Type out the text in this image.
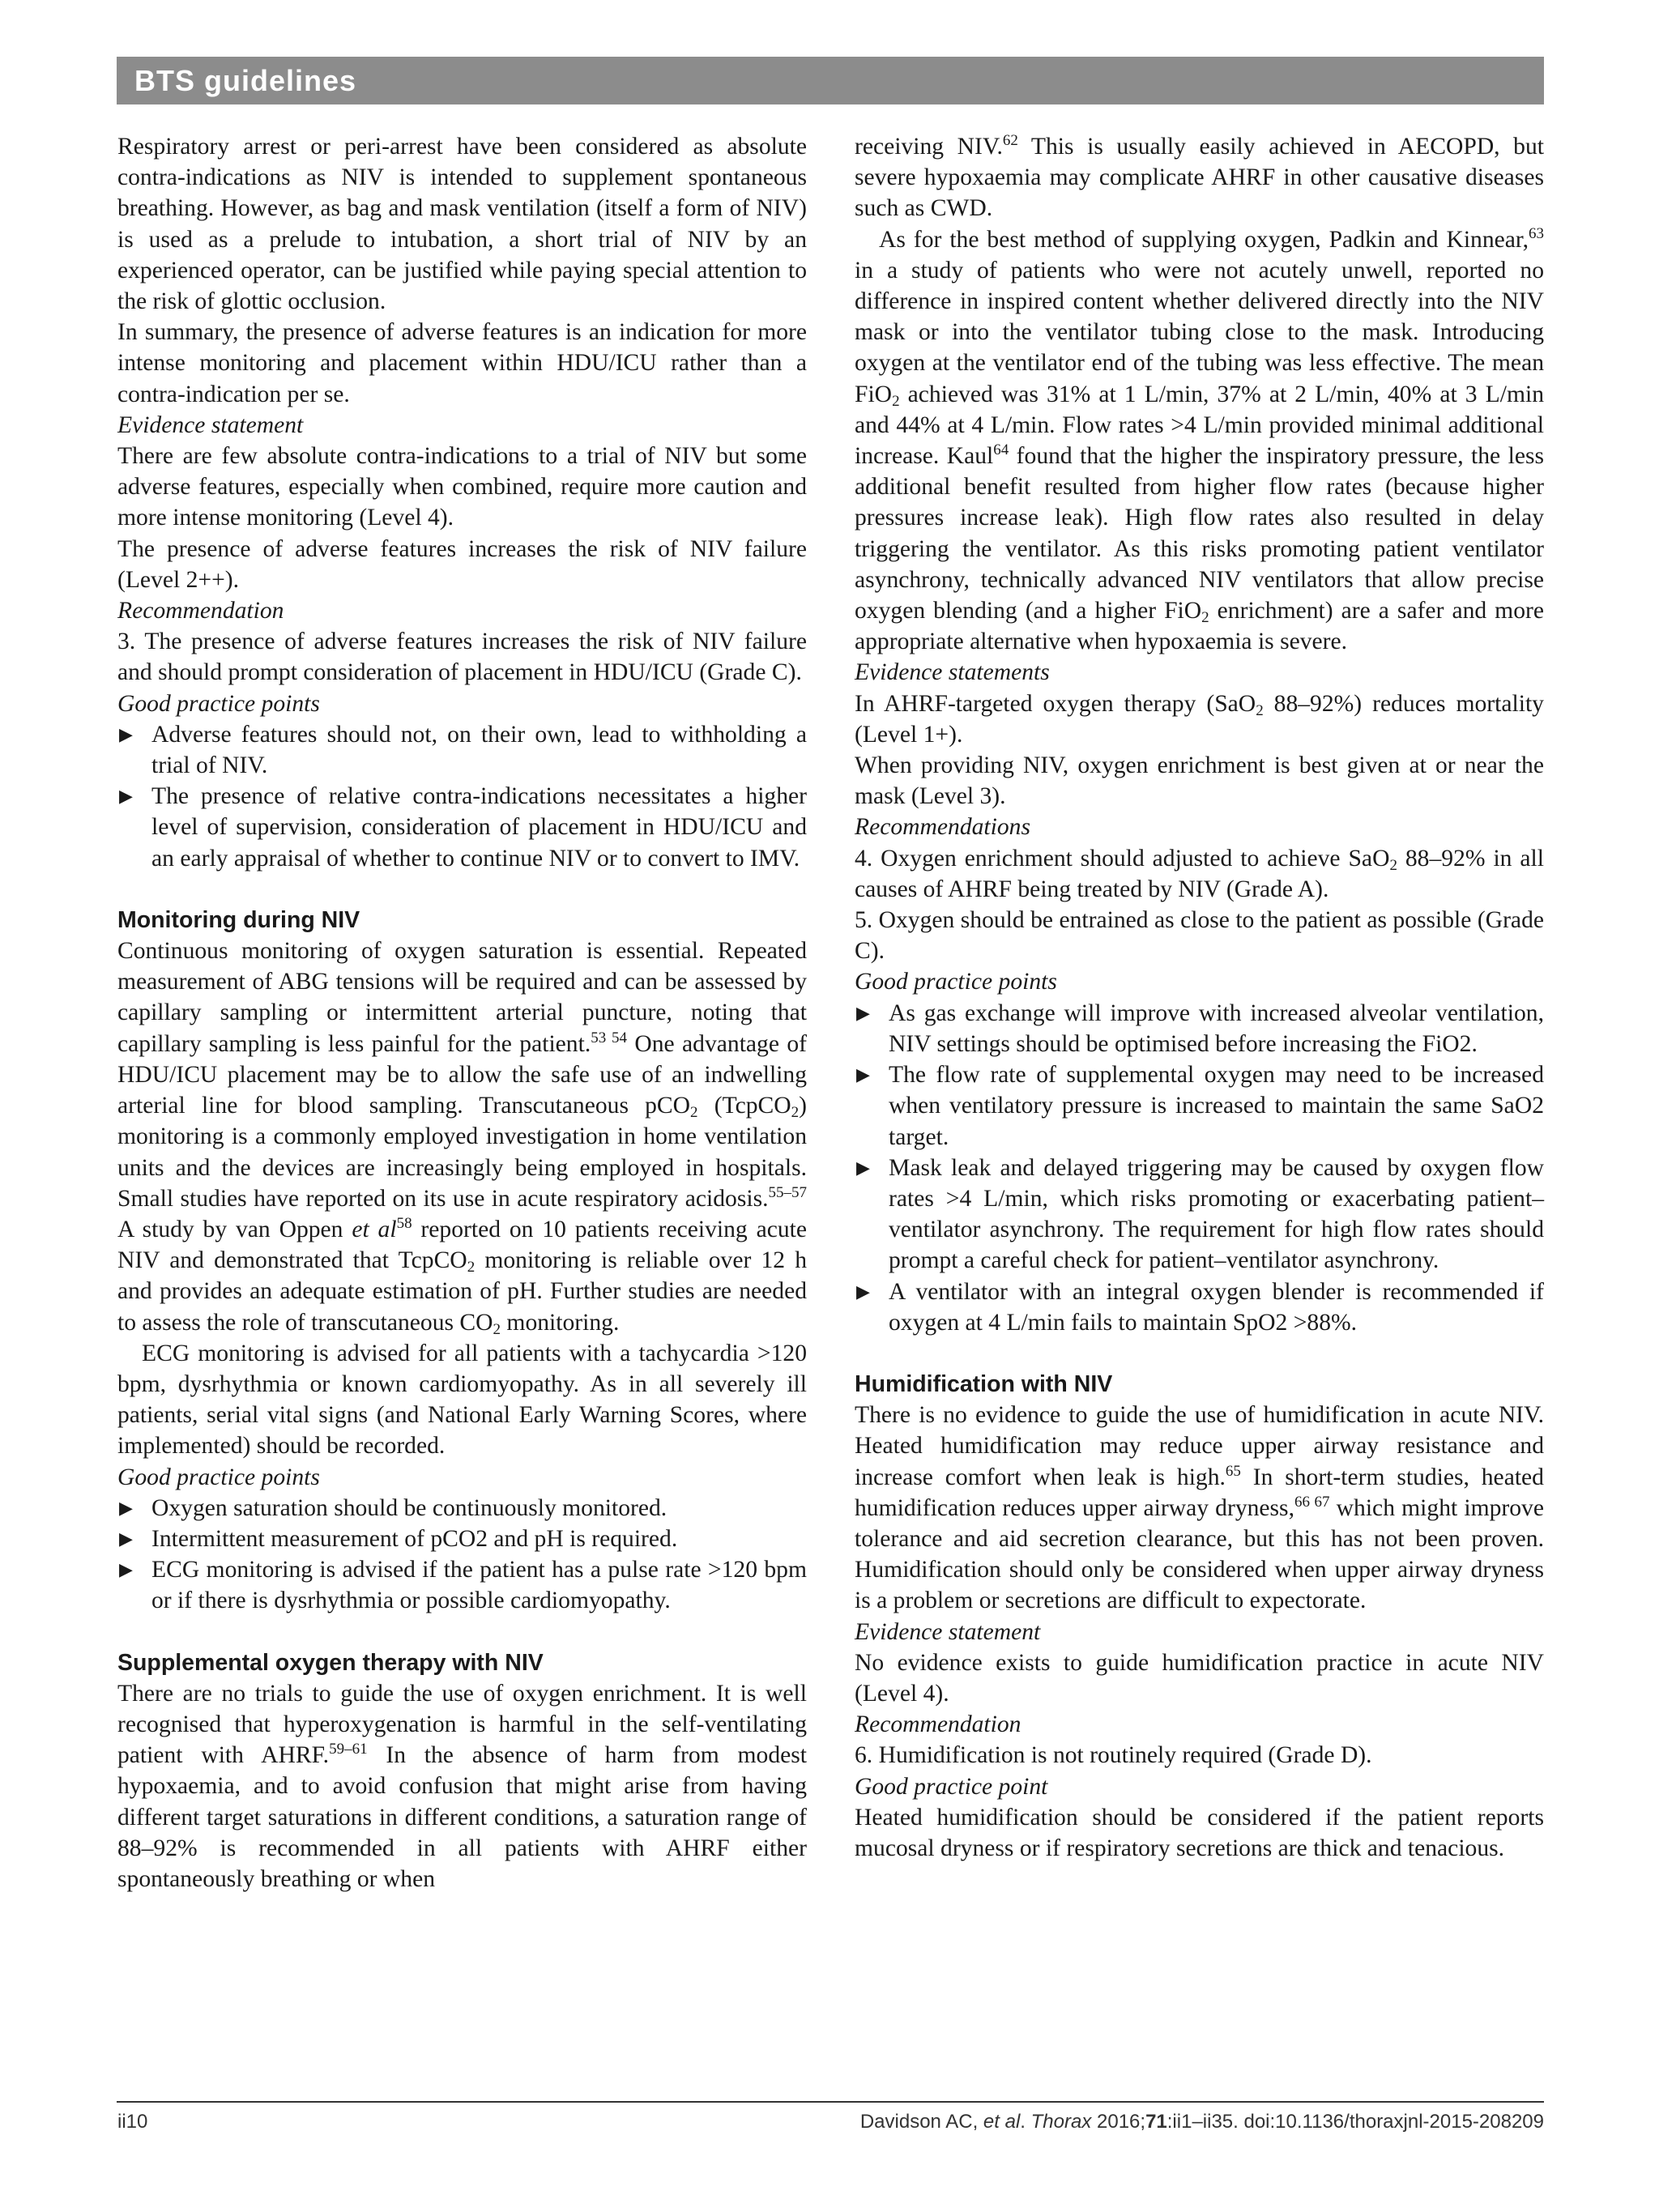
BTS guidelines

Respiratory arrest or peri-arrest have been considered as absolute contra-indications as NIV is intended to supplement spontaneous breathing. However, as bag and mask ventilation (itself a form of NIV) is used as a prelude to intubation, a short trial of NIV by an experienced operator, can be justified while paying special attention to the risk of glottic occlusion.

In summary, the presence of adverse features is an indication for more intense monitoring and placement within HDU/ICU rather than a contra-indication per se.

Evidence statement

There are few absolute contra-indications to a trial of NIV but some adverse features, especially when combined, require more caution and more intense monitoring (Level 4).

The presence of adverse features increases the risk of NIV failure (Level 2++).

Recommendation

3. The presence of adverse features increases the risk of NIV failure and should prompt consideration of placement in HDU/ICU (Grade C).

Good practice points

▶ Adverse features should not, on their own, lead to withholding a trial of NIV.
▶ The presence of relative contra-indications necessitates a higher level of supervision, consideration of placement in HDU/ICU and an early appraisal of whether to continue NIV or to convert to IMV.
Monitoring during NIV

Continuous monitoring of oxygen saturation is essential. Repeated measurement of ABG tensions will be required and can be assessed by capillary sampling or intermittent arterial puncture, noting that capillary sampling is less painful for the patient.$^{53 54}$ One advantage of HDU/ICU placement may be to allow the safe use of an indwelling arterial line for blood sampling. Transcutaneous pCO$_2$ (TcpCO$_2$) monitoring is a commonly employed investigation in home ventilation units and the devices are increasingly being employed in hospitals. Small studies have reported on its use in acute respiratory acidosis.$^{55-57}$ A study by van Oppen et $al^{58}$ reported on 10 patients receiving acute NIV and demonstrated that TcpCO$_2$ monitoring is reliable over 12 h and provides an adequate estimation of pH. Further studies are needed to assess the role of transcutaneous $CO_2$ monitoring.

ECG monitoring is advised for all patients with a tachycardia >120 bpm, dysrhythmia or known cardiomyopathy. As in all severely ill patients, serial vital signs (and National Early Warning Scores, where implemented) should be recorded.

Good practice points

▶ Oxygen saturation should be continuously monitored.
▶ Intermittent measurement of pCO2 and pH is required.
▶ ECG monitoring is advised if the patient has a pulse rate >120 bpm or if there is dysrhythmia or possible cardiomyopathy.
Supplemental oxygen therapy with NIV

There are no trials to guide the use of oxygen enrichment. It is well recognised that hyperoxygenation is harmful in the self-ventilating patient with AHRF.$^{59-61}$ In the absence of harm from modest hypoxaemia, and to avoid confusion that might arise from having different target saturations in different conditions, a saturation range of 88–92% is recommended in all patients with AHRF either spontaneously breathing or when

receiving NIV.$^{62}$ This is usually easily achieved in AECOPD, but severe hypoxaemia may complicate AHRF in other causative diseases such as CWD.

As for the best method of supplying oxygen, Padkin and Kinnear,$^{63}$ in a study of patients who were not acutely unwell, reported no difference in inspired content whether delivered directly into the NIV mask or into the ventilator tubing close to the mask. Introducing oxygen at the ventilator end of the tubing was less effective. The mean FiO$_2$ achieved was 31% at 1 L/min, 37% at 2 L/min, 40% at 3 L/min and 44% at 4 L/min. Flow rates >4 L/min provided minimal additional increase. Kaul$^{64}$ found that the higher the inspiratory pressure, the less additional benefit resulted from higher flow rates (because higher pressures increase leak). High flow rates also resulted in delay triggering the ventilator. As this risks promoting patient ventilator asynchrony, technically advanced NIV ventilators that allow precise oxygen blending (and a higher FiO$_2$ enrichment) are a safer and more appropriate alternative when hypoxaemia is severe.

Evidence statements

In AHRF-targeted oxygen therapy (SaO$_2$ 88–92%) reduces mortality (Level 1+).

When providing NIV, oxygen enrichment is best given at or near the mask (Level 3).

Recommendations

4. Oxygen enrichment should adjusted to achieve SaO$_2$ 88–92% in all causes of AHRF being treated by NIV (Grade A).

5. Oxygen should be entrained as close to the patient as possible (Grade C).

Good practice points

▶ As gas exchange will improve with increased alveolar ventilation, NIV settings should be optimised before increasing the FiO2.
▶ The flow rate of supplemental oxygen may need to be increased when ventilatory pressure is increased to maintain the same SaO2 target.
▶ Mask leak and delayed triggering may be caused by oxygen flow rates >4 L/min, which risks promoting or exacerbating patient–ventilator asynchrony. The requirement for high flow rates should prompt a careful check for patient–ventilator asynchrony.
▶ A ventilator with an integral oxygen blender is recommended if oxygen at 4 L/min fails to maintain SpO2 >88%.
Humidification with NIV

There is no evidence to guide the use of humidification in acute NIV. Heated humidification may reduce upper airway resistance and increase comfort when leak is high.$^{65}$ In short-term studies, heated humidification reduces upper airway dryness,$^{66 67}$ which might improve tolerance and aid secretion clearance, but this has not been proven. Humidification should only be considered when upper airway dryness is a problem or secretions are difficult to expectorate.

Evidence statement

No evidence exists to guide humidification practice in acute NIV (Level 4).

Recommendation

6. Humidification is not routinely required (Grade D).

Good practice point

Heated humidification should be considered if the patient reports mucosal dryness or if respiratory secretions are thick and tenacious.

ii10	Davidson AC, et al. Thorax 2016;71:ii1–ii35. doi:10.1136/thoraxjnl-2015-208209
